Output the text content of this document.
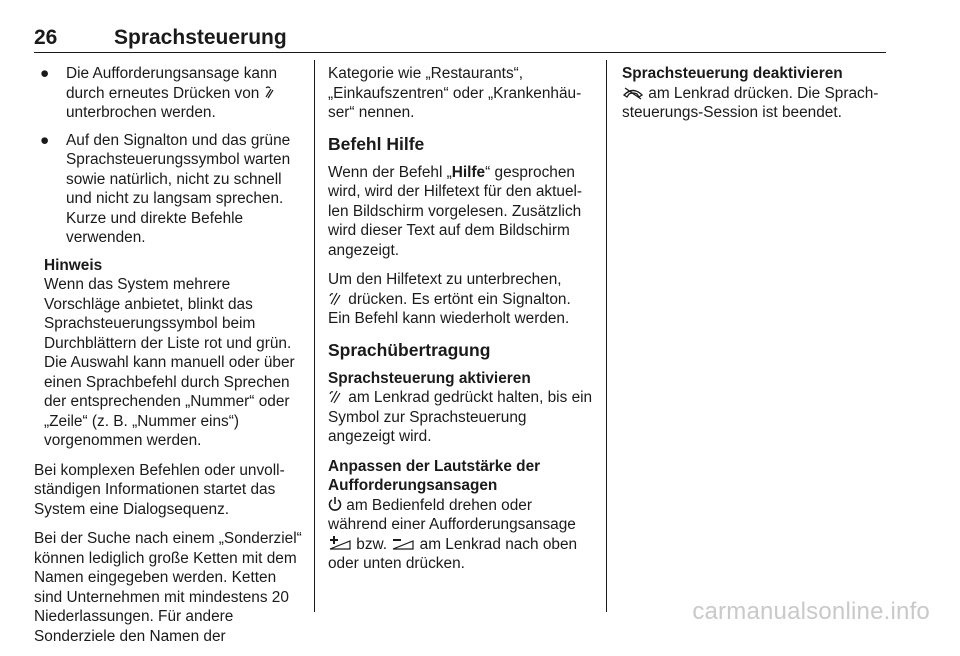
26	Sprachsteuerung
● Die Aufforderungsansage kann durch erneutes Drücken von
unterbrochen werden.
● Auf den Signalton und das grüne Sprachsteuerungssymbol warten sowie natürlich, nicht zu schnell und nicht zu langsam sprechen. Kurze und direkte Befehle verwenden.
Hinweis
Wenn das System mehrere Vorschläge anbietet, blinkt das Sprachsteuerungssymbol beim Durchblättern der Liste rot und grün. Die Auswahl kann manuell oder über einen Sprachbefehl durch Sprechen der entsprechenden „Nummer“ oder „Zeile“ (z. B. „Nummer eins“) vorgenommen werden.

Bei komplexen Befehlen oder unvollständigen Informationen startet das System eine Dialogsequenz.

Bei der Suche nach einem „Sonderziel“ können lediglich große Ketten mit dem Namen eingegeben werden. Ketten sind Unternehmen mit mindestens 20 Niederlassungen. Für andere Sonderziele den Namen der

Kategorie wie „Restaurants“, „Einkaufszentren“ oder „Krankenhäuser“ nennen.

Befehl Hilfe

Wenn der Befehl „Hilfe“ gesprochen wird, wird der Hilfetext für den aktuellen Bildschirm vorgelesen. Zusätzlich wird dieser Text auf dem Bildschirm angezeigt.

Um den Hilfetext zu unterbrechen,
drücken. Es ertönt ein Signalton. Ein Befehl kann wiederholt werden.

Sprachübertragung
Sprachsteuerung aktivieren

am Lenkrad gedrückt halten, bis ein Symbol zur Sprachsteuerung angezeigt wird.

Anpassen der Lautstärke der Aufforderungsansagen

am Bedienfeld drehen oder während einer Aufforderungsansage
bzw. am Lenkrad nach oben oder unten drücken.

Sprachsteuerung deaktivieren

am Lenkrad drücken. Die Sprachsteuerungs-Session ist beendet.

carmanualsonline.info
